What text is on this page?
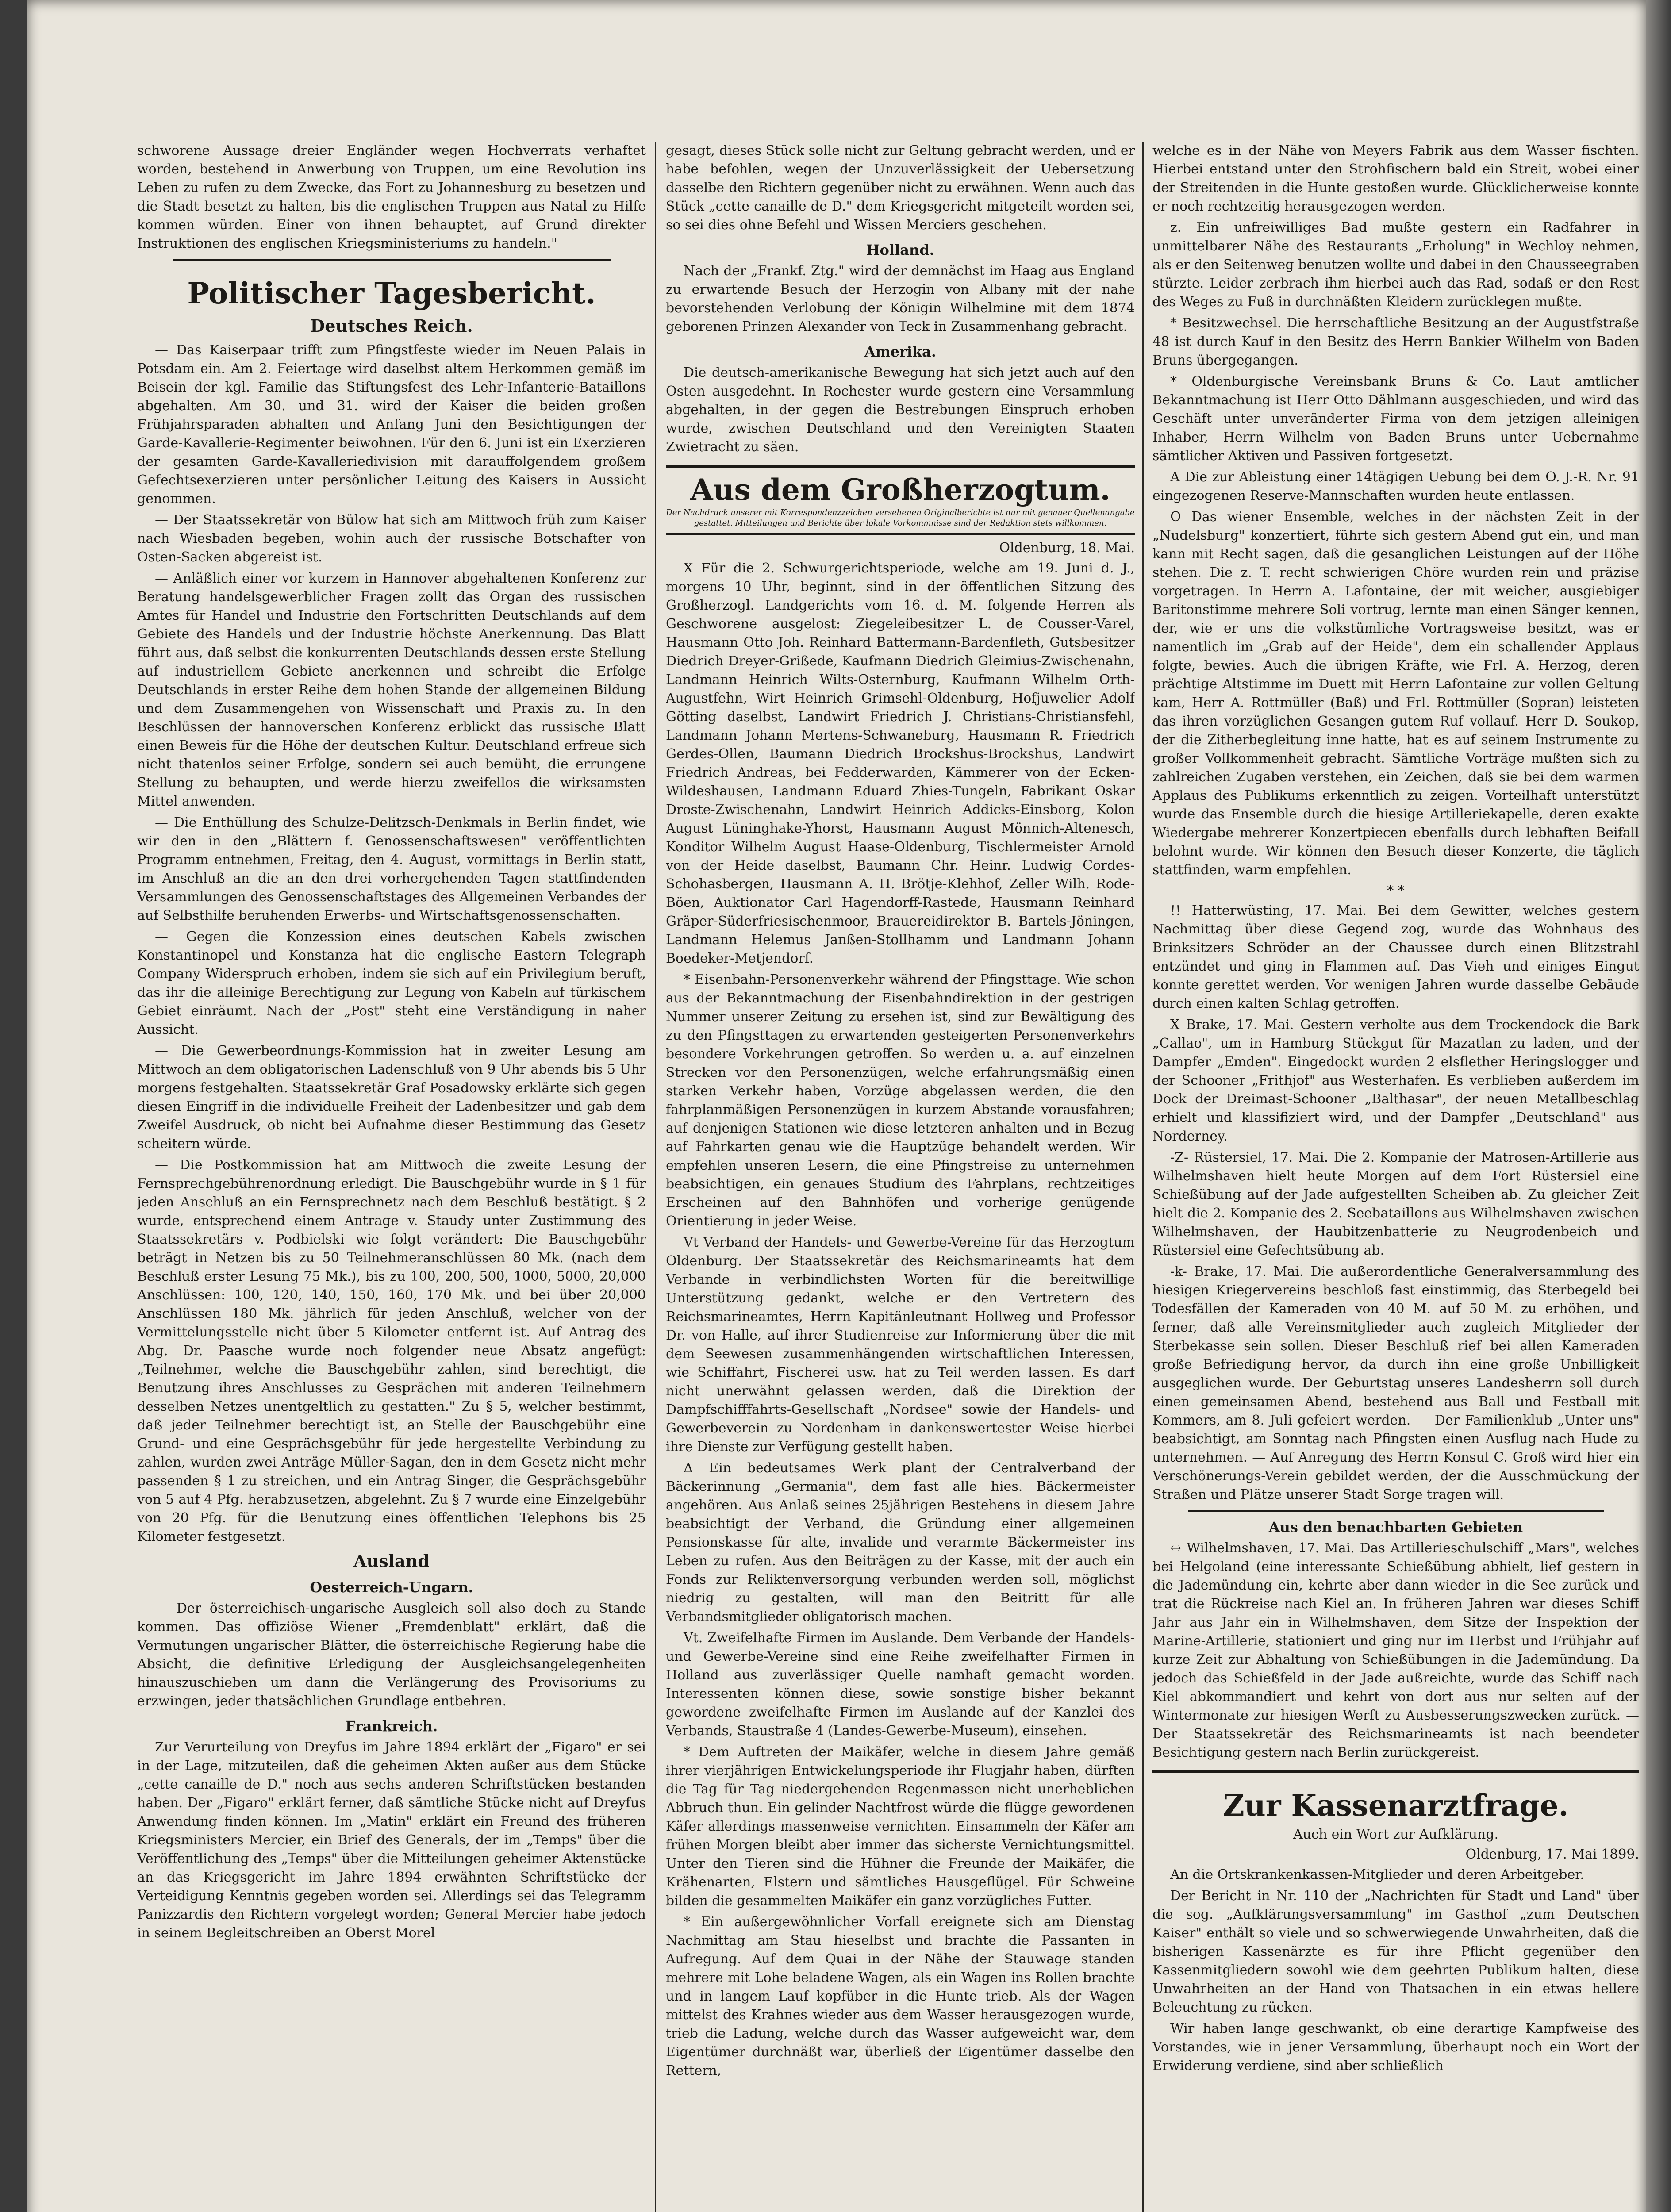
schworene Aussage dreier Engländer wegen Hochverrats verhaftet worden, bestehend in Anwerbung von Truppen, um eine Revolution ins Leben zu rufen zu dem Zwecke, das Fort zu Johannesburg zu besetzen und die Stadt besetzt zu halten, bis die englischen Truppen aus Natal zu Hilfe kommen würden. Einer von ihnen behauptet, auf Grund direkter Instruktionen des englischen Kriegsministeriums zu handeln."

Politischer Tagesbericht.
Deutsches Reich.

— Das Kaiserpaar trifft zum Pfingstfeste wieder im Neuen Palais in Potsdam ein. Am 2. Feiertage wird daselbst altem Herkommen gemäß im Beisein der kgl. Familie das Stiftungsfest des Lehr-Infanterie-Bataillons abgehalten. Am 30. und 31. wird der Kaiser die beiden großen Frühjahrsparaden abhalten und Anfang Juni den Besichtigungen der Garde-Kavallerie-Regimenter beiwohnen. Für den 6. Juni ist ein Exerzieren der gesamten Garde-Kavalleriedivision mit darauffolgendem großem Gefechtsexerzieren unter persönlicher Leitung des Kaisers in Aussicht genommen.

— Der Staatssekretär von Bülow hat sich am Mittwoch früh zum Kaiser nach Wiesbaden begeben, wohin auch der russische Botschafter von Osten-Sacken abgereist ist.

— Anläßlich einer vor kurzem in Hannover abgehaltenen Konferenz zur Beratung handelsgewerblicher Fragen zollt das Organ des russischen Amtes für Handel und Industrie den Fortschritten Deutschlands auf dem Gebiete des Handels und der Industrie höchste Anerkennung. Das Blatt führt aus, daß selbst die konkurrenten Deutschlands dessen erste Stellung auf industriellem Gebiete anerkennen und schreibt die Erfolge Deutschlands in erster Reihe dem hohen Stande der allgemeinen Bildung und dem Zusammengehen von Wissenschaft und Praxis zu. In den Beschlüssen der hannoverschen Konferenz erblickt das russische Blatt einen Beweis für die Höhe der deutschen Kultur. Deutschland erfreue sich nicht thatenlos seiner Erfolge, sondern sei auch bemüht, die errungene Stellung zu behaupten, und werde hierzu zweifellos die wirksamsten Mittel anwenden.

— Die Enthüllung des Schulze-Delitzsch-Denkmals in Berlin findet, wie wir den in den „Blättern f. Genossenschaftswesen" veröffentlichten Programm entnehmen, Freitag, den 4. August, vormittags in Berlin statt, im Anschluß an die an den drei vorhergehenden Tagen stattfindenden Versammlungen des Genossenschaftstages des Allgemeinen Verbandes der auf Selbsthilfe beruhenden Erwerbs- und Wirtschaftsgenossenschaften.

— Gegen die Konzession eines deutschen Kabels zwischen Konstantinopel und Konstanza hat die englische Eastern Telegraph Company Widerspruch erhoben, indem sie sich auf ein Privilegium beruft, das ihr die alleinige Berechtigung zur Legung von Kabeln auf türkischem Gebiet einräumt. Nach der „Post" steht eine Verständigung in naher Aussicht.

— Die Gewerbeordnungs-Kommission hat in zweiter Lesung am Mittwoch an dem obligatorischen Ladenschluß von 9 Uhr abends bis 5 Uhr morgens festgehalten. Staatssekretär Graf Posadowsky erklärte sich gegen diesen Eingriff in die individuelle Freiheit der Ladenbesitzer und gab dem Zweifel Ausdruck, ob nicht bei Aufnahme dieser Bestimmung das Gesetz scheitern würde.

— Die Postkommission hat am Mittwoch die zweite Lesung der Fernsprechgebührenordnung erledigt. Die Bauschgebühr wurde in § 1 für jeden Anschluß an ein Fernsprechnetz nach dem Beschluß bestätigt. § 2 wurde, entsprechend einem Antrage v. Staudy unter Zustimmung des Staatssekretärs v. Podbielski wie folgt verändert: Die Bauschgebühr beträgt in Netzen bis zu 50 Teilnehmeranschlüssen 80 Mk. (nach dem Beschluß erster Lesung 75 Mk.), bis zu 100, 200, 500, 1000, 5000, 20,000 Anschlüssen: 100, 120, 140, 150, 160, 170 Mk. und bei über 20,000 Anschlüssen 180 Mk. jährlich für jeden Anschluß, welcher von der Vermittelungsstelle nicht über 5 Kilometer entfernt ist. Auf Antrag des Abg. Dr. Paasche wurde noch folgender neue Absatz angefügt: „Teilnehmer, welche die Bauschgebühr zahlen, sind berechtigt, die Benutzung ihres Anschlusses zu Gesprächen mit anderen Teilnehmern desselben Netzes unentgeltlich zu gestatten." Zu § 5, welcher bestimmt, daß jeder Teilnehmer berechtigt ist, an Stelle der Bauschgebühr eine Grund- und eine Gesprächsgebühr für jede hergestellte Verbindung zu zahlen, wurden zwei Anträge Müller-Sagan, den in dem Gesetz nicht mehr passenden § 1 zu streichen, und ein Antrag Singer, die Gesprächsgebühr von 5 auf 4 Pfg. herabzusetzen, abgelehnt. Zu § 7 wurde eine Einzelgebühr von 20 Pfg. für die Benutzung eines öffentlichen Telephons bis 25 Kilometer festgesetzt.

Ausland
Oesterreich-Ungarn.

— Der österreichisch-ungarische Ausgleich soll also doch zu Stande kommen. Das offiziöse Wiener „Fremdenblatt" erklärt, daß die Vermutungen ungarischer Blätter, die österreichische Regierung habe die Absicht, die definitive Erledigung der Ausgleichsangelegenheiten hinauszuschieben um dann die Verlängerung des Provisoriums zu erzwingen, jeder thatsächlichen Grundlage entbehren.

Frankreich.

Zur Verurteilung von Dreyfus im Jahre 1894 erklärt der „Figaro" er sei in der Lage, mitzuteilen, daß die geheimen Akten außer aus dem Stücke „cette canaille de D." noch aus sechs anderen Schriftstücken bestanden haben. Der „Figaro" erklärt ferner, daß sämtliche Stücke nicht auf Dreyfus Anwendung finden können. Im „Matin" erklärt ein Freund des früheren Kriegsministers Mercier, ein Brief des Generals, der im „Temps" über die Veröffentlichung des „Temps" über die Mitteilungen geheimer Aktenstücke an das Kriegsgericht im Jahre 1894 erwähnten Schriftstücke der Verteidigung Kenntnis gegeben worden sei. Allerdings sei das Telegramm Panizzardis den Richtern vorgelegt worden; General Mercier habe jedoch in seinem Begleitschreiben an Oberst Morel

gesagt, dieses Stück solle nicht zur Geltung gebracht werden, und er habe befohlen, wegen der Unzuverlässigkeit der Uebersetzung dasselbe den Richtern gegenüber nicht zu erwähnen. Wenn auch das Stück „cette canaille de D." dem Kriegsgericht mitgeteilt worden sei, so sei dies ohne Befehl und Wissen Merciers geschehen.

Holland.

Nach der „Frankf. Ztg." wird der demnächst im Haag aus England zu erwartende Besuch der Herzogin von Albany mit der nahe bevorstehenden Verlobung der Königin Wilhelmine mit dem 1874 geborenen Prinzen Alexander von Teck in Zusammenhang gebracht.

Amerika.

Die deutsch-amerikanische Bewegung hat sich jetzt auch auf den Osten ausgedehnt. In Rochester wurde gestern eine Versammlung abgehalten, in der gegen die Bestrebungen Einspruch erhoben wurde, zwischen Deutschland und den Vereinigten Staaten Zwietracht zu säen.

Aus dem Großherzogtum.
Der Nachdruck unserer mit Korrespondenzzeichen versehenen Originalberichte ist nur mit genauer Quellenangabe gestattet. Mitteilungen und Berichte über lokale Vorkommnisse sind der Redaktion stets willkommen.
Oldenburg, 18. Mai.

X Für die 2. Schwurgerichtsperiode, welche am 19. Juni d. J., morgens 10 Uhr, beginnt, sind in der öffentlichen Sitzung des Großherzogl. Landgerichts vom 16. d. M. folgende Herren als Geschworene ausgelost: Ziegeleibesitzer L. de Cousser-Varel, Hausmann Otto Joh. Reinhard Battermann-Bardenfleth, Gutsbesitzer Diedrich Dreyer-Grißede, Kaufmann Diedrich Gleimius-Zwischenahn, Landmann Heinrich Wilts-Osternburg, Kaufmann Wilhelm Orth-Augustfehn, Wirt Heinrich Grimsehl-Oldenburg, Hofjuwelier Adolf Götting daselbst, Landwirt Friedrich J. Christians-Christiansfehl, Landmann Johann Mertens-Schwaneburg, Hausmann R. Friedrich Gerdes-Ollen, Baumann Diedrich Brockshus-Brockshus, Landwirt Friedrich Andreas, bei Fedderwarden, Kämmerer von der Ecken-Wildeshausen, Landmann Eduard Zhies-Tungeln, Fabrikant Oskar Droste-Zwischenahn, Landwirt Heinrich Addicks-Einsborg, Kolon August Lüninghake-Yhorst, Hausmann August Mönnich-Altenesch, Konditor Wilhelm August Haase-Oldenburg, Tischlermeister Arnold von der Heide daselbst, Baumann Chr. Heinr. Ludwig Cordes-Schohasbergen, Hausmann A. H. Brötje-Klehhof, Zeller Wilh. Rode-Böen, Auktionator Carl Hagendorff-Rastede, Hausmann Reinhard Gräper-Süderfriesischenmoor, Brauereidirektor B. Bartels-Jöningen, Landmann Helemus Janßen-Stollhamm und Landmann Johann Boedeker-Metjendorf.

* Eisenbahn-Personenverkehr während der Pfingsttage. Wie schon aus der Bekanntmachung der Eisenbahndirektion in der gestrigen Nummer unserer Zeitung zu ersehen ist, sind zur Bewältigung des zu den Pfingsttagen zu erwartenden gesteigerten Personenverkehrs besondere Vorkehrungen getroffen. So werden u. a. auf einzelnen Strecken vor den Personenzügen, welche erfahrungsmäßig einen starken Verkehr haben, Vorzüge abgelassen werden, die den fahrplanmäßigen Personenzügen in kurzem Abstande vorausfahren; auf denjenigen Stationen wie diese letzteren anhalten und in Bezug auf Fahrkarten genau wie die Hauptzüge behandelt werden. Wir empfehlen unseren Lesern, die eine Pfingstreise zu unternehmen beabsichtigen, ein genaues Studium des Fahrplans, rechtzeitiges Erscheinen auf den Bahnhöfen und vorherige genügende Orientierung in jeder Weise.

Vt Verband der Handels- und Gewerbe-Vereine für das Herzogtum Oldenburg. Der Staatssekretär des Reichsmarineamts hat dem Verbande in verbindlichsten Worten für die bereitwillige Unterstützung gedankt, welche er den Vertretern des Reichsmarineamtes, Herrn Kapitänleutnant Hollweg und Professor Dr. von Halle, auf ihrer Studienreise zur Informierung über die mit dem Seewesen zusammenhängenden wirtschaftlichen Interessen, wie Schiffahrt, Fischerei usw. hat zu Teil werden lassen. Es darf nicht unerwähnt gelassen werden, daß die Direktion der Dampfschifffahrts-Gesellschaft „Nordsee" sowie der Handels- und Gewerbeverein zu Nordenham in dankenswertester Weise hierbei ihre Dienste zur Verfügung gestellt haben.

Δ Ein bedeutsames Werk plant der Centralverband der Bäckerinnung „Germania", dem fast alle hies. Bäckermeister angehören. Aus Anlaß seines 25jährigen Bestehens in diesem Jahre beabsichtigt der Verband, die Gründung einer allgemeinen Pensionskasse für alte, invalide und verarmte Bäckermeister ins Leben zu rufen. Aus den Beiträgen zu der Kasse, mit der auch ein Fonds zur Reliktenversorgung verbunden werden soll, möglichst niedrig zu gestalten, will man den Beitritt für alle Verbandsmitglieder obligatorisch machen.

Vt. Zweifelhafte Firmen im Auslande. Dem Verbande der Handels- und Gewerbe-Vereine sind eine Reihe zweifelhafter Firmen in Holland aus zuverlässiger Quelle namhaft gemacht worden. Interessenten können diese, sowie sonstige bisher bekannt gewordene zweifelhafte Firmen im Auslande auf der Kanzlei des Verbands, Staustraße 4 (Landes-Gewerbe-Museum), einsehen.

* Dem Auftreten der Maikäfer, welche in diesem Jahre gemäß ihrer vierjährigen Entwickelungsperiode ihr Flugjahr haben, dürften die Tag für Tag niedergehenden Regenmassen nicht unerheblichen Abbruch thun. Ein gelinder Nachtfrost würde die flügge gewordenen Käfer allerdings massenweise vernichten. Einsammeln der Käfer am frühen Morgen bleibt aber immer das sicherste Vernichtungsmittel. Unter den Tieren sind die Hühner die Freunde der Maikäfer, die Krähenarten, Elstern und sämtliches Hausgeflügel. Für Schweine bilden die gesammelten Maikäfer ein ganz vorzügliches Futter.

* Ein außergewöhnlicher Vorfall ereignete sich am Dienstag Nachmittag am Stau hieselbst und brachte die Passanten in Aufregung. Auf dem Quai in der Nähe der Stauwage standen mehrere mit Lohe beladene Wagen, als ein Wagen ins Rollen brachte und in langem Lauf kopfüber in die Hunte trieb. Als der Wagen mittelst des Krahnes wieder aus dem Wasser herausgezogen wurde, trieb die Ladung, welche durch das Wasser aufgeweicht war, dem Eigentümer durchnäßt war, überließ der Eigentümer dasselbe den Rettern,

welche es in der Nähe von Meyers Fabrik aus dem Wasser fischten. Hierbei entstand unter den Strohfischern bald ein Streit, wobei einer der Streitenden in die Hunte gestoßen wurde. Glücklicherweise konnte er noch rechtzeitig herausgezogen werden.

z. Ein unfreiwilliges Bad mußte gestern ein Radfahrer in unmittelbarer Nähe des Restaurants „Erholung" in Wechloy nehmen, als er den Seitenweg benutzen wollte und dabei in den Chausseegraben stürzte. Leider zerbrach ihm hierbei auch das Rad, sodaß er den Rest des Weges zu Fuß in durchnäßten Kleidern zurücklegen mußte.

* Besitzwechsel. Die herrschaftliche Besitzung an der Augustfstraße 48 ist durch Kauf in den Besitz des Herrn Bankier Wilhelm von Baden Bruns übergegangen.

* Oldenburgische Vereinsbank Bruns & Co. Laut amtlicher Bekanntmachung ist Herr Otto Dählmann ausgeschieden, und wird das Geschäft unter unveränderter Firma von dem jetzigen alleinigen Inhaber, Herrn Wilhelm von Baden Bruns unter Uebernahme sämtlicher Aktiven und Passiven fortgesetzt.

A Die zur Ableistung einer 14tägigen Uebung bei dem O. J.-R. Nr. 91 eingezogenen Reserve-Mannschaften wurden heute entlassen.

O Das wiener Ensemble, welches in der nächsten Zeit in der „Nudelsburg" konzertiert, führte sich gestern Abend gut ein, und man kann mit Recht sagen, daß die gesanglichen Leistungen auf der Höhe stehen. Die z. T. recht schwierigen Chöre wurden rein und präzise vorgetragen. In Herrn A. Lafontaine, der mit weicher, ausgiebiger Baritonstimme mehrere Soli vortrug, lernte man einen Sänger kennen, der, wie er uns die volkstümliche Vortragsweise besitzt, was er namentlich im „Grab auf der Heide", dem ein schallender Applaus folgte, bewies. Auch die übrigen Kräfte, wie Frl. A. Herzog, deren prächtige Altstimme im Duett mit Herrn Lafontaine zur vollen Geltung kam, Herr A. Rottmüller (Baß) und Frl. Rottmüller (Sopran) leisteten das ihren vorzüglichen Gesangen gutem Ruf vollauf. Herr D. Soukop, der die Zitherbegleitung inne hatte, hat es auf seinem Instrumente zu großer Vollkommenheit gebracht. Sämtliche Vorträge mußten sich zu zahlreichen Zugaben verstehen, ein Zeichen, daß sie bei dem warmen Applaus des Publikums erkenntlich zu zeigen. Vorteilhaft unterstützt wurde das Ensemble durch die hiesige Artilleriekapelle, deren exakte Wiedergabe mehrerer Konzertpiecen ebenfalls durch lebhaften Beifall belohnt wurde. Wir können den Besuch dieser Konzerte, die täglich stattfinden, warm empfehlen.

* *

!! Hatterwüsting, 17. Mai. Bei dem Gewitter, welches gestern Nachmittag über diese Gegend zog, wurde das Wohnhaus des Brinksitzers Schröder an der Chaussee durch einen Blitzstrahl entzündet und ging in Flammen auf. Das Vieh und einiges Eingut konnte gerettet werden. Vor wenigen Jahren wurde dasselbe Gebäude durch einen kalten Schlag getroffen.

X Brake, 17. Mai. Gestern verholte aus dem Trockendock die Bark „Callao", um in Hamburg Stückgut für Mazatlan zu laden, und der Dampfer „Emden". Eingedockt wurden 2 elsflether Heringslogger und der Schooner „Frithjof" aus Westerhafen. Es verblieben außerdem im Dock der Dreimast-Schooner „Balthasar", der neuen Metallbeschlag erhielt und klassifiziert wird, und der Dampfer „Deutschland" aus Norderney.

-Z- Rüstersiel, 17. Mai. Die 2. Kompanie der Matrosen-Artillerie aus Wilhelmshaven hielt heute Morgen auf dem Fort Rüstersiel eine Schießübung auf der Jade aufgestellten Scheiben ab. Zu gleicher Zeit hielt die 2. Kompanie des 2. Seebataillons aus Wilhelmshaven zwischen Wilhelmshaven, der Haubitzenbatterie zu Neugrodenbeich und Rüstersiel eine Gefechtsübung ab.

-k- Brake, 17. Mai. Die außerordentliche Generalversammlung des hiesigen Kriegervereins beschloß fast einstimmig, das Sterbegeld bei Todesfällen der Kameraden von 40 M. auf 50 M. zu erhöhen, und ferner, daß alle Vereinsmitglieder auch zugleich Mitglieder der Sterbekasse sein sollen. Dieser Beschluß rief bei allen Kameraden große Befriedigung hervor, da durch ihn eine große Unbilligkeit ausgeglichen wurde. Der Geburtstag unseres Landesherrn soll durch einen gemeinsamen Abend, bestehend aus Ball und Festball mit Kommers, am 8. Juli gefeiert werden. — Der Familienklub „Unter uns" beabsichtigt, am Sonntag nach Pfingsten einen Ausflug nach Hude zu unternehmen. — Auf Anregung des Herrn Konsul C. Groß wird hier ein Verschönerungs-Verein gebildet werden, der die Ausschmückung der Straßen und Plätze unserer Stadt Sorge tragen will.

Aus den benachbarten Gebieten

↔ Wilhelmshaven, 17. Mai. Das Artillerieschulschiff „Mars", welches bei Helgoland (eine interessante Schießübung abhielt, lief gestern in die Jademündung ein, kehrte aber dann wieder in die See zurück und trat die Rückreise nach Kiel an. In früheren Jahren war dieses Schiff Jahr aus Jahr ein in Wilhelmshaven, dem Sitze der Inspektion der Marine-Artillerie, stationiert und ging nur im Herbst und Frühjahr auf kurze Zeit zur Abhaltung von Schießübungen in die Jademündung. Da jedoch das Schießfeld in der Jade außreichte, wurde das Schiff nach Kiel abkommandiert und kehrt von dort aus nur selten auf der Wintermonate zur hiesigen Werft zu Ausbesserungszwecken zurück. — Der Staatssekretär des Reichsmarineamts ist nach beendeter Besichtigung gestern nach Berlin zurückgereist.

Zur Kassenarztfrage.
Auch ein Wort zur Aufklärung.
Oldenburg, 17. Mai 1899.

An die Ortskrankenkassen-Mitglieder und deren Arbeitgeber.

Der Bericht in Nr. 110 der „Nachrichten für Stadt und Land" über die sog. „Aufklärungsversammlung" im Gasthof „zum Deutschen Kaiser" enthält so viele und so schwerwiegende Unwahrheiten, daß die bisherigen Kassenärzte es für ihre Pflicht gegenüber den Kassenmitgliedern sowohl wie dem geehrten Publikum halten, diese Unwahrheiten an der Hand von Thatsachen in ein etwas hellere Beleuchtung zu rücken.

Wir haben lange geschwankt, ob eine derartige Kampfweise des Vorstandes, wie in jener Versammlung, überhaupt noch ein Wort der Erwiderung verdiene, sind aber schließlich
